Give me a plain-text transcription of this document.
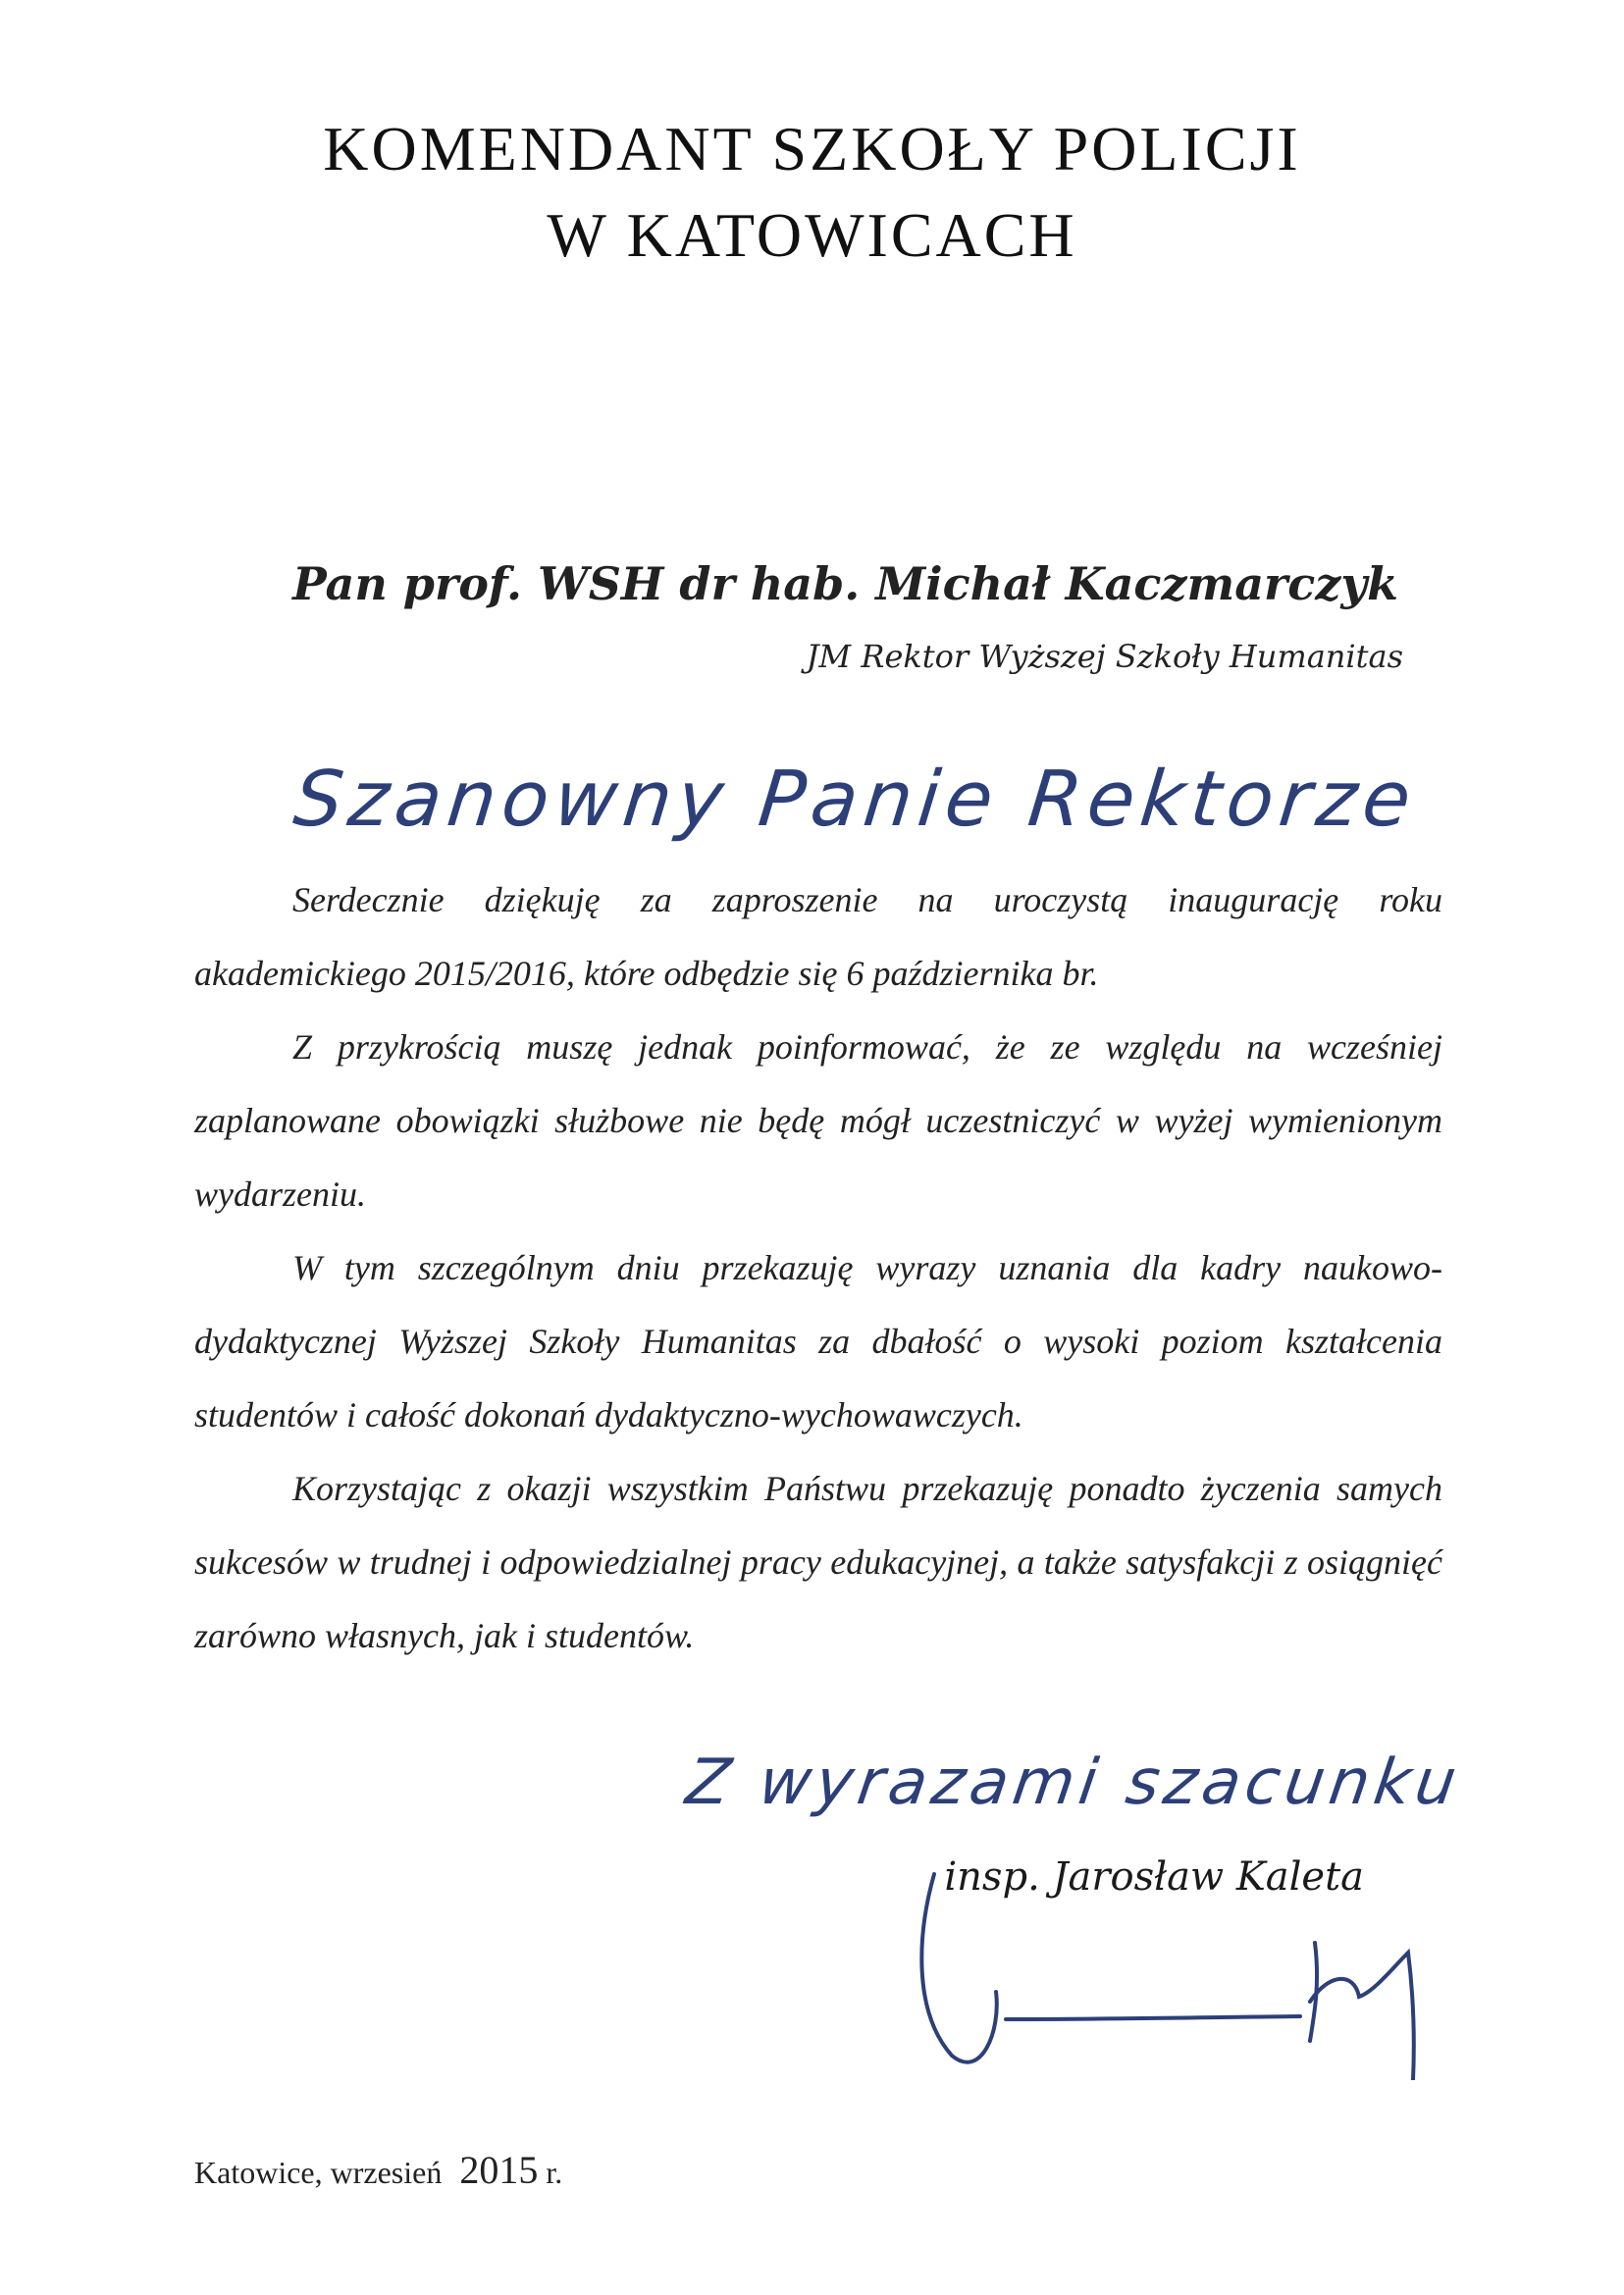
KOMENDANT SZKOŁY POLICJI
W KATOWICACH
Pan prof. WSH dr hab. Michał Kaczmarczyk
JM Rektor Wyższej Szkoły Humanitas
Szanowny Panie Rektorze

Serdecznie dziękuję za zaproszenie na uroczystą inaugurację roku akademickiego 2015/2016, które odbędzie się 6 października br.

Z przykrością muszę jednak poinformować, że ze względu na wcześniej zaplanowane obowiązki służbowe nie będę mógł uczestniczyć w wyżej wymienionym wydarzeniu.

W tym szczególnym dniu przekazuję wyrazy uznania dla kadry naukowo-dydaktycznej Wyższej Szkoły Humanitas za dbałość o wysoki poziom kształcenia studentów i całość dokonań dydaktyczno-wychowawczych.

Korzystając z okazji wszystkim Państwu przekazuję ponadto życzenia samych sukcesów w trudnej i odpowiedzialnej pracy edukacyjnej, a także satysfakcji z osiągnięć zarówno własnych, jak i studentów.

Z wyrazami szacunku
insp. Jarosław Kaleta
Katowice, wrzesień 2015 r.
